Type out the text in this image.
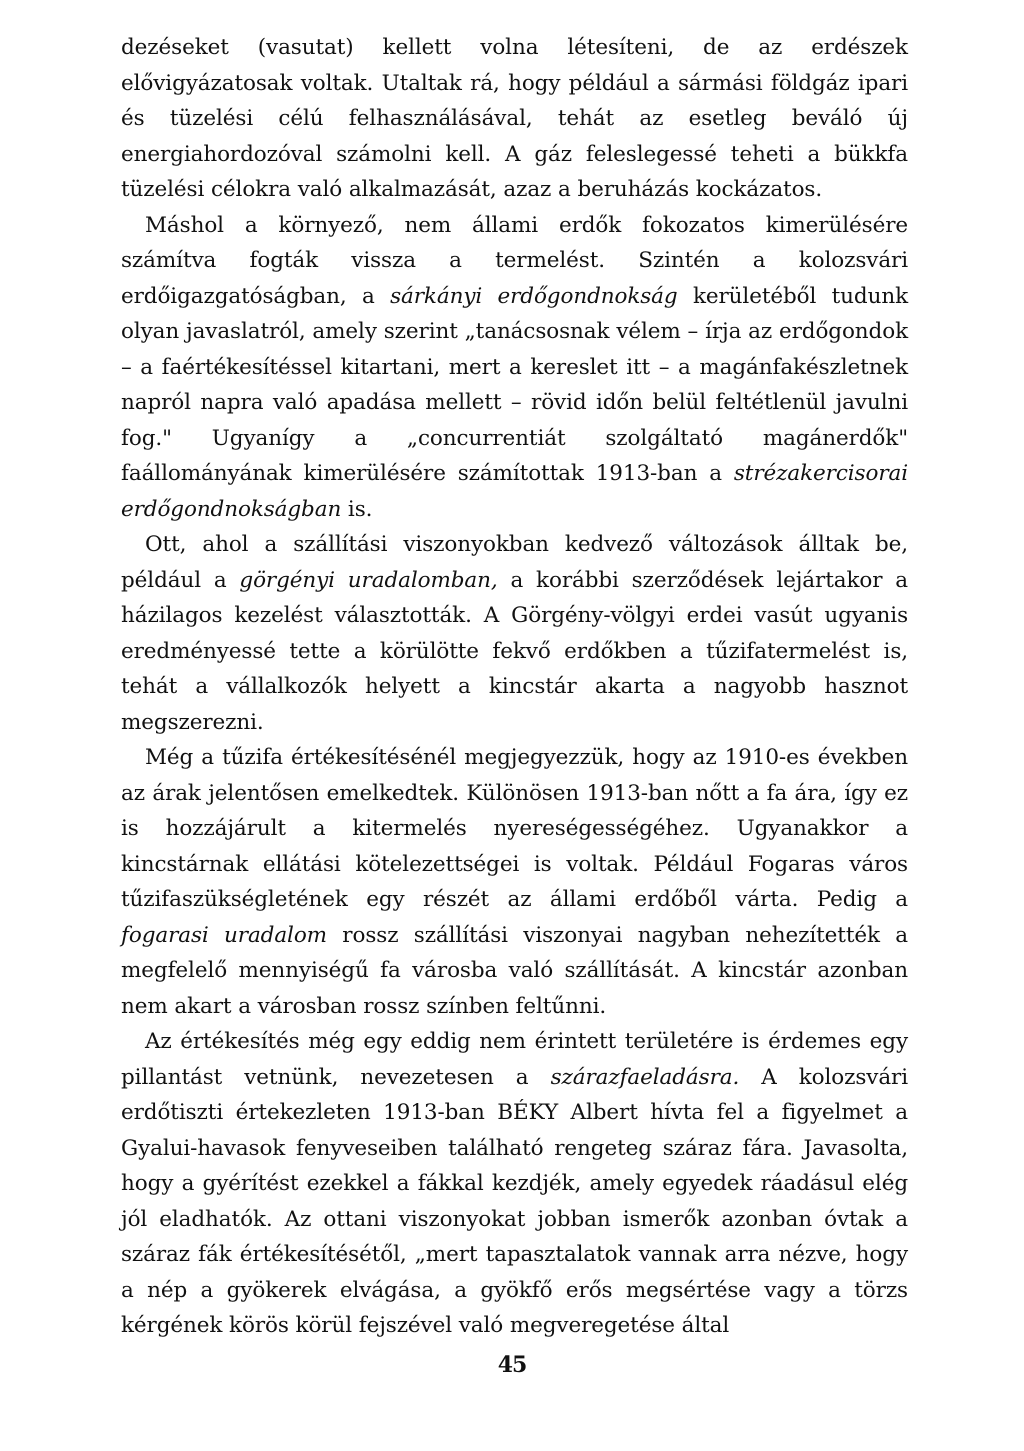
dezéseket (vasutat) kellett volna létesíteni, de az erdészek elővigyázatosak voltak. Utaltak rá, hogy például a sármási földgáz ipari és tüzelési célú felhasználásával, tehát az esetleg beváló új energiahordozóval számolni kell. A gáz feleslegessé teheti a bükkfa tüzelési célokra való alkalmazását, azaz a beruházás kockázatos.

Máshol a környező, nem állami erdők fokozatos kimerülésére számítva fogták vissza a termelést. Szintén a kolozsvári erdőigazgatóságban, a sárkányi erdőgondnokság kerületéből tudunk olyan javaslatról, amely szerint „tanácsosnak vélem – írja az erdőgondok – a faértékesítéssel kitartani, mert a kereslet itt – a magánfakészletnek napról napra való apadása mellett – rövid időn belül feltétlenül javulni fog." Ugyanígy a „concurrentiát szolgáltató magánerdők" faállományának kimerülésére számítottak 1913-ban a strézakercisorai erdőgondnokságban is.

Ott, ahol a szállítási viszonyokban kedvező változások álltak be, például a görgényi uradalomban, a korábbi szerződések lejártakor a házilagos kezelést választották. A Görgény-völgyi erdei vasút ugyanis eredményessé tette a körülötte fekvő erdőkben a tűzifatermelést is, tehát a vállalkozók helyett a kincstár akarta a nagyobb hasznot megszerezni.

Még a tűzifa értékesítésénél megjegyezzük, hogy az 1910-es években az árak jelentősen emelkedtek. Különösen 1913-ban nőtt a fa ára, így ez is hozzájárult a kitermelés nyereségességéhez. Ugyanakkor a kincstárnak ellátási kötelezettségei is voltak. Például Fogaras város tűzifaszükségletének egy részét az állami erdőből várta. Pedig a fogarasi uradalom rossz szállítási viszonyai nagyban nehezítették a megfelelő mennyiségű fa városba való szállítását. A kincstár azonban nem akart a városban rossz színben feltűnni.

Az értékesítés még egy eddig nem érintett területére is érdemes egy pillantást vetnünk, nevezetesen a szárazfaeladásra. A kolozsvári erdőtiszti értekezleten 1913-ban BÉKY Albert hívta fel a figyelmet a Gyalui-havasok fenyveseiben található rengeteg száraz fára. Javasolta, hogy a gyérítést ezekkel a fákkal kezdjék, amely egyedek ráadásul elég jól eladhatók. Az ottani viszonyokat jobban ismerők azonban óvtak a száraz fák értékesítésétől, „mert tapasztalatok vannak arra nézve, hogy a nép a gyökerek elvágása, a gyökfő erős megsértése vagy a törzs kérgének körös körül fejszével való megveregetése által

45
